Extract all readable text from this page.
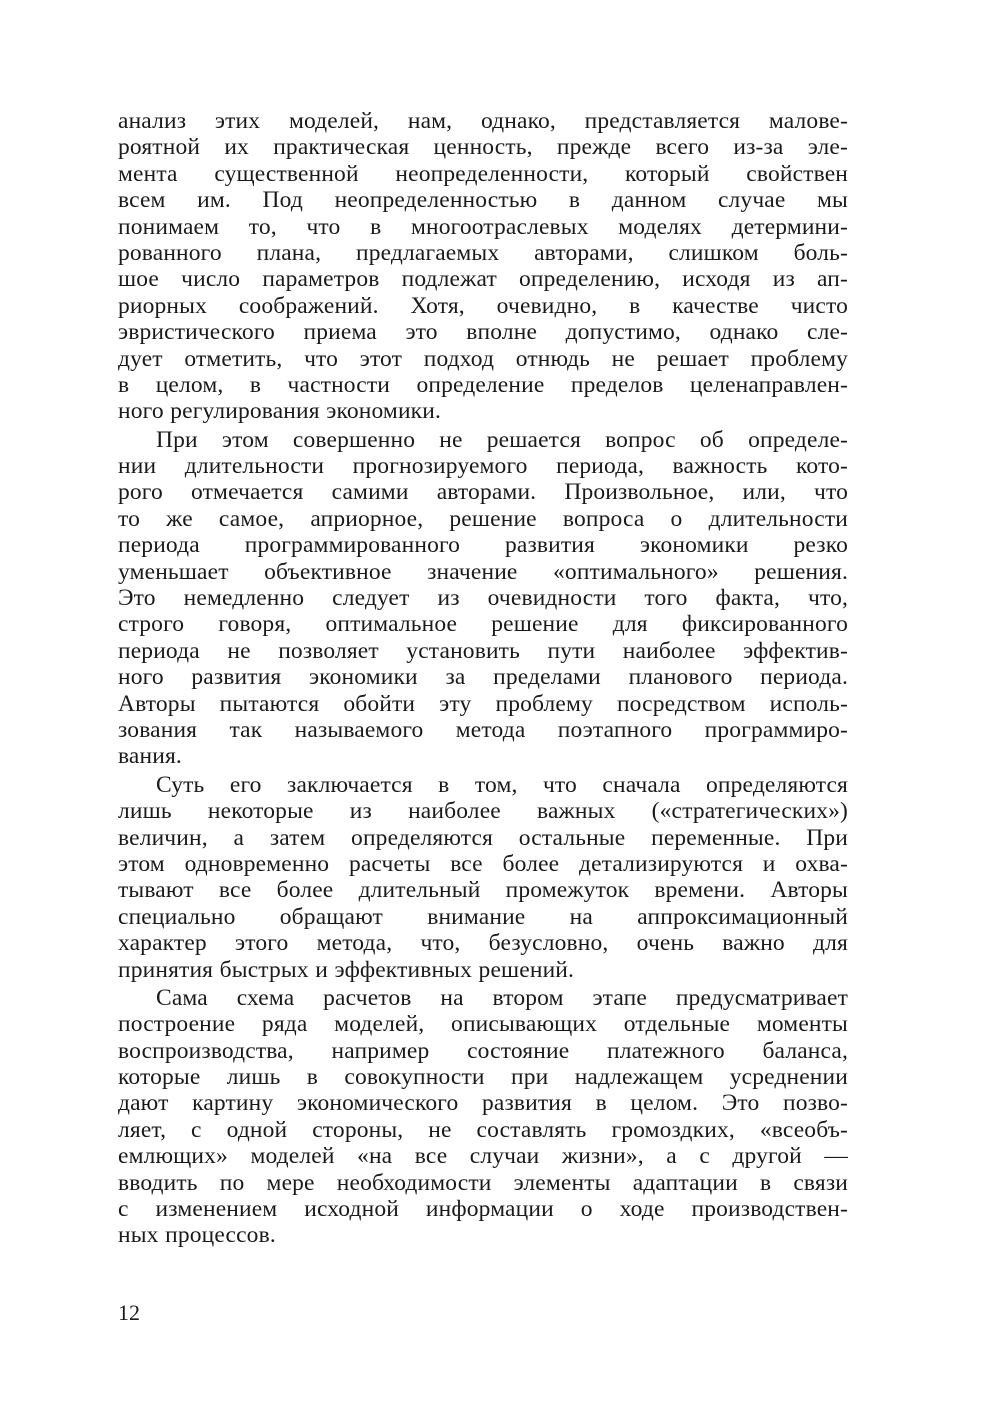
анализ этих моделей, нам, однако, представляется малове-
роятной их практическая ценность, прежде всего из-за эле-
мента существенной неопределенности, который свойствен
всем им. Под неопределенностью в данном случае мы
понимаем то, что в многоотраслевых моделях детермини-
рованного плана, предлагаемых авторами, слишком боль-
шое число параметров подлежат определению, исходя из ап-
риорных соображений. Хотя, очевидно, в качестве чисто
эвристического приема это вполне допустимо, однако сле-
дует отметить, что этот подход отнюдь не решает проблему
в целом, в частности определение пределов целенаправлен-
ного регулирования экономики.
При этом совершенно не решается вопрос об определе-
нии длительности прогнозируемого периода, важность кото-
рого отмечается самими авторами. Произвольное, или, что
то же самое, априорное, решение вопроса о длительности
периода программированного развития экономики резко
уменьшает объективное значение «оптимального» решения.
Это немедленно следует из очевидности того факта, что,
строго говоря, оптимальное решение для фиксированного
периода не позволяет установить пути наиболее эффектив-
ного развития экономики за пределами планового периода.
Авторы пытаются обойти эту проблему посредством исполь-
зования так называемого метода поэтапного программиро-
вания.
Суть его заключается в том, что сначала определяются
лишь некоторые из наиболее важных («стратегических»)
величин, а затем определяются остальные переменные. При
этом одновременно расчеты все более детализируются и охва-
тывают все более длительный промежуток времени. Авторы
специально обращают внимание на аппроксимационный
характер этого метода, что, безусловно, очень важно для
принятия быстрых и эффективных решений.
Сама схема расчетов на втором этапе предусматривает
построение ряда моделей, описывающих отдельные моменты
воспроизводства, например состояние платежного баланса,
которые лишь в совокупности при надлежащем усреднении
дают картину экономического развития в целом. Это позво-
ляет, с одной стороны, не составлять громоздких, «всеобъ-
емлющих» моделей «на все случаи жизни», а с другой —
вводить по мере необходимости элементы адаптации в связи
с изменением исходной информации о ходе производствен-
ных процессов.
12
